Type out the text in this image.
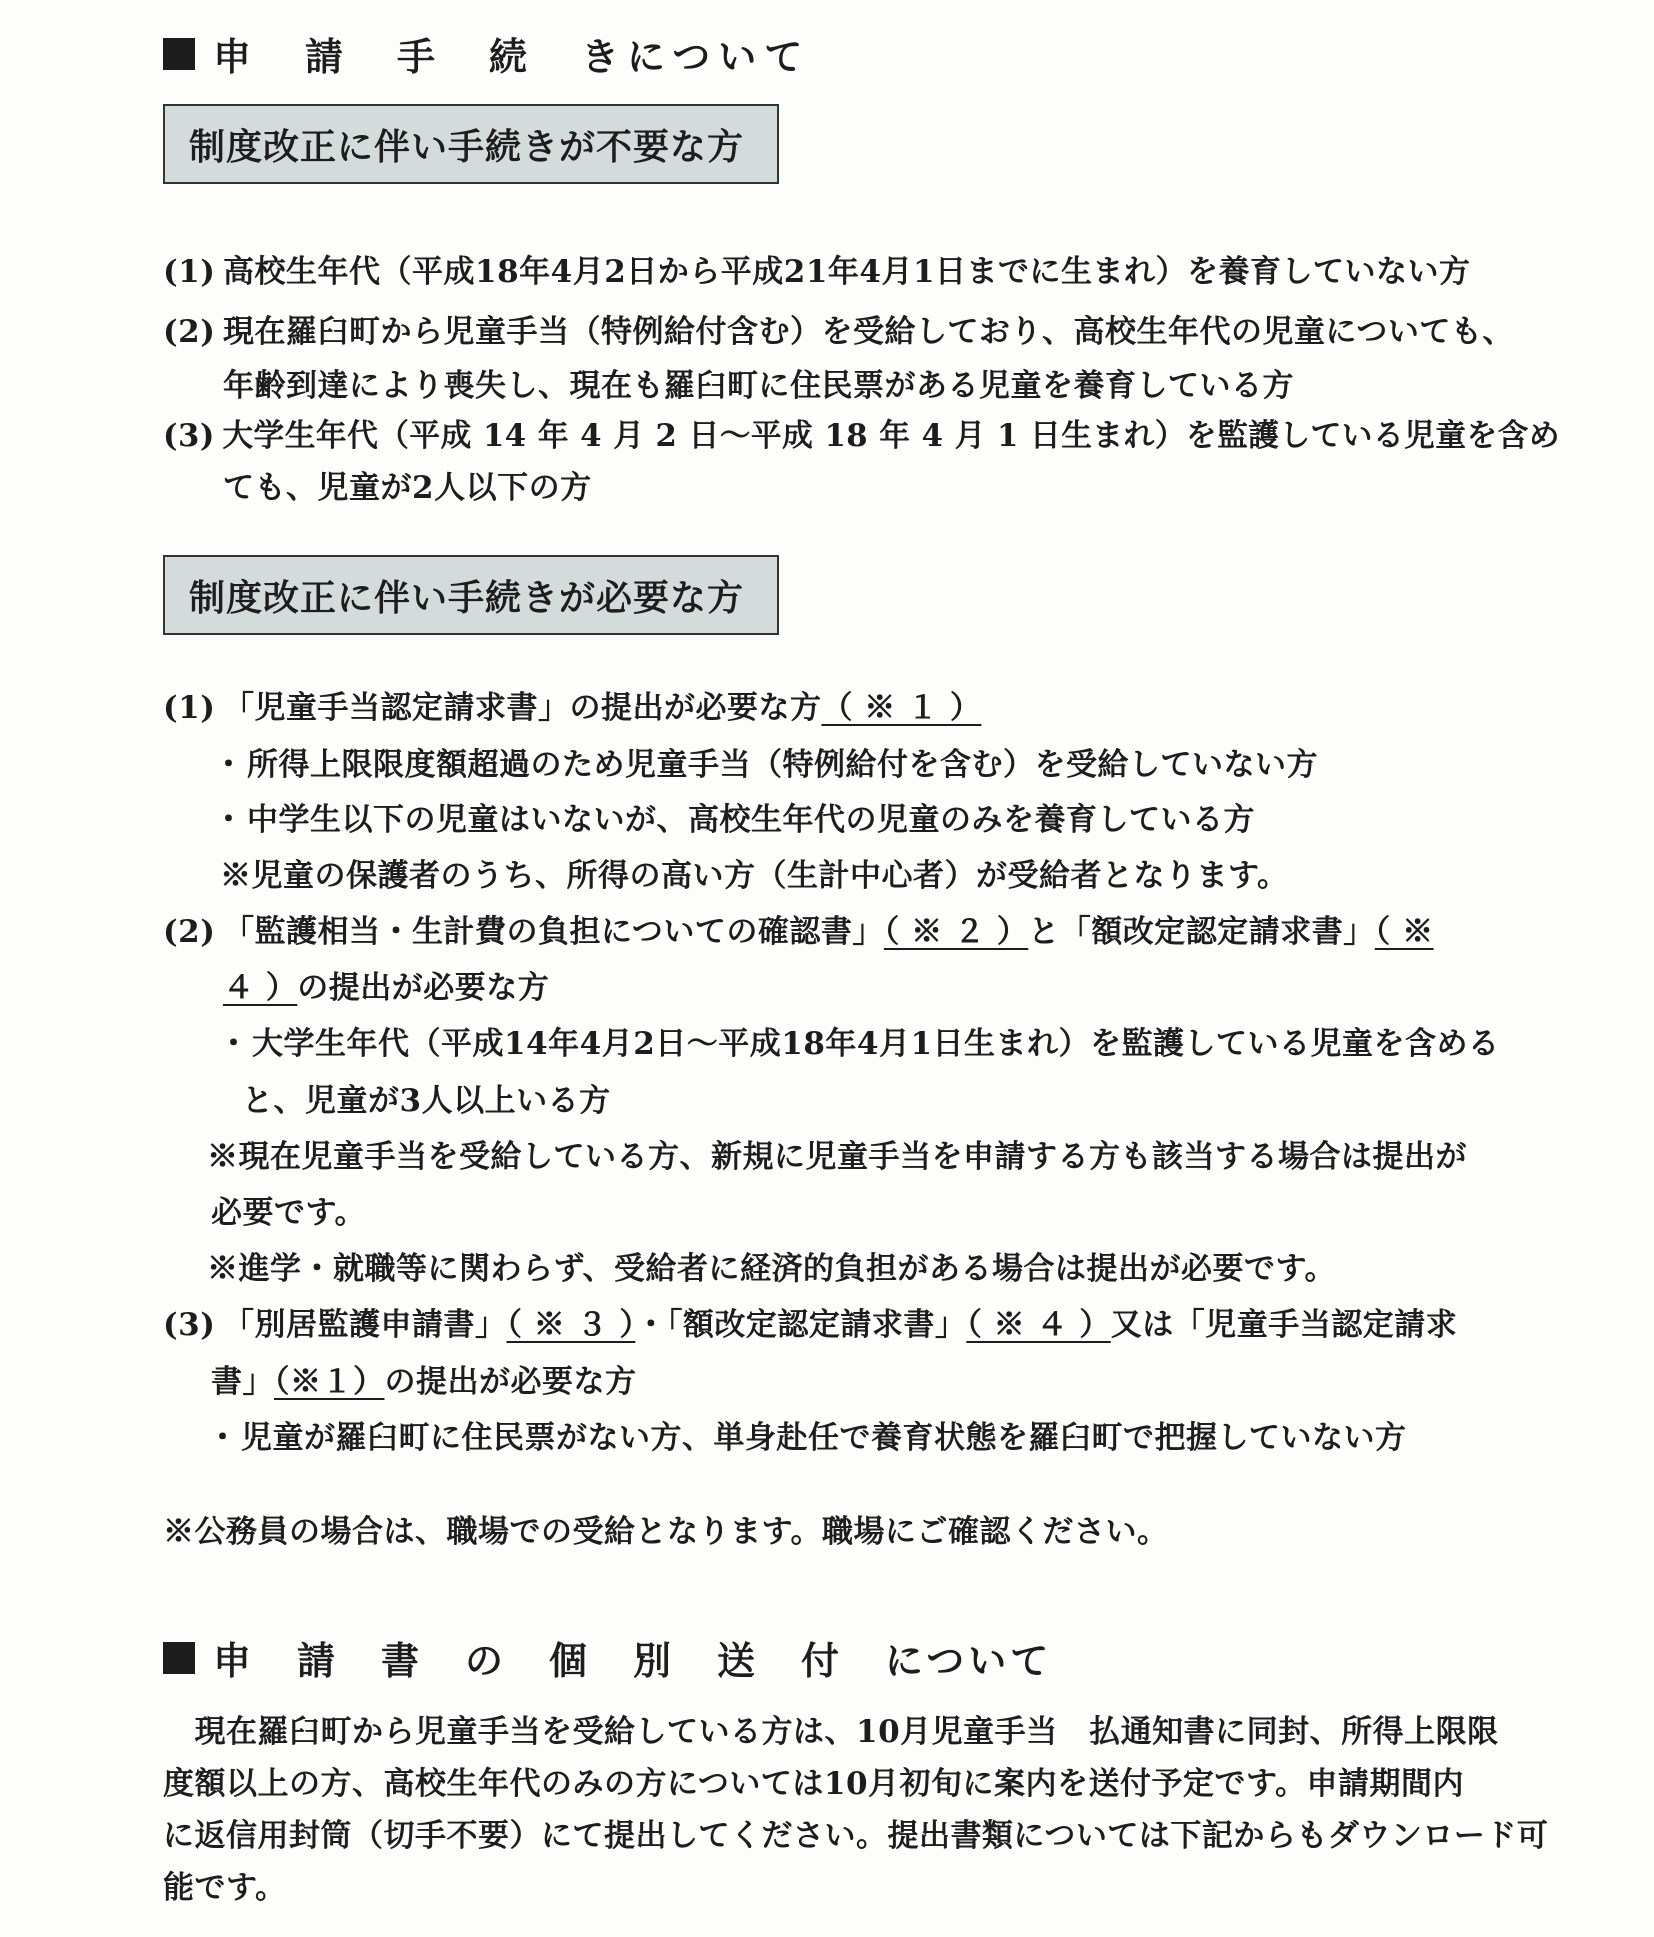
申　請　手　続　きについて
制度改正に伴い手続きが不要な方
(1) 高校生年代（平成18年4月2日から平成21年4月1日までに生まれ）を養育していない方
(2) 現在羅臼町から児童手当（特例給付含む）を受給しており、高校生年代の児童についても、
年齢到達により喪失し、現在も羅臼町に住民票がある児童を養育している方
(3) 大学生年代（平成 14 年 4 月 2 日～平成 18 年 4 月 1 日生まれ）を監護している児童を含め
ても、児童が2人以下の方
制度改正に伴い手続きが必要な方
(1) 「児童手当認定請求書」の提出が必要な方（ ※ １ ）
・所得上限限度額超過のため児童手当（特例給付を含む）を受給していない方
・中学生以下の児童はいないが、高校生年代の児童のみを養育している方
※児童の保護者のうち、所得の高い方（生計中心者）が受給者となります。
(2) 「監護相当・生計費の負担についての確認書」（ ※ ２ ）と「額改定認定請求書」（ ※
４ ）の提出が必要な方
・大学生年代（平成14年4月2日～平成18年4月1日生まれ）を監護している児童を含める
と、児童が3人以上いる方
※現在児童手当を受給している方、新規に児童手当を申請する方も該当する場合は提出が
必要です。
※進学・就職等に関わらず、受給者に経済的負担がある場合は提出が必要です。
(3) 「別居監護申請書」（ ※ ３ ）・「額改定認定請求書」（ ※ ４ ）又は「児童手当認定請求
書」（※１）の提出が必要な方
・児童が羅臼町に住民票がない方、単身赴任で養育状態を羅臼町で把握していない方
※公務員の場合は、職場での受給となります。職場にご確認ください。
申　請　書　の　個　別　送　付　について
　現在羅臼町から児童手当を受給している方は、10月児童手当　払通知書に同封、所得上限限
度額以上の方、高校生年代のみの方については10月初旬に案内を送付予定です。申請期間内
に返信用封筒（切手不要）にて提出してください。提出書類については下記からもダウンロード可
能です。
